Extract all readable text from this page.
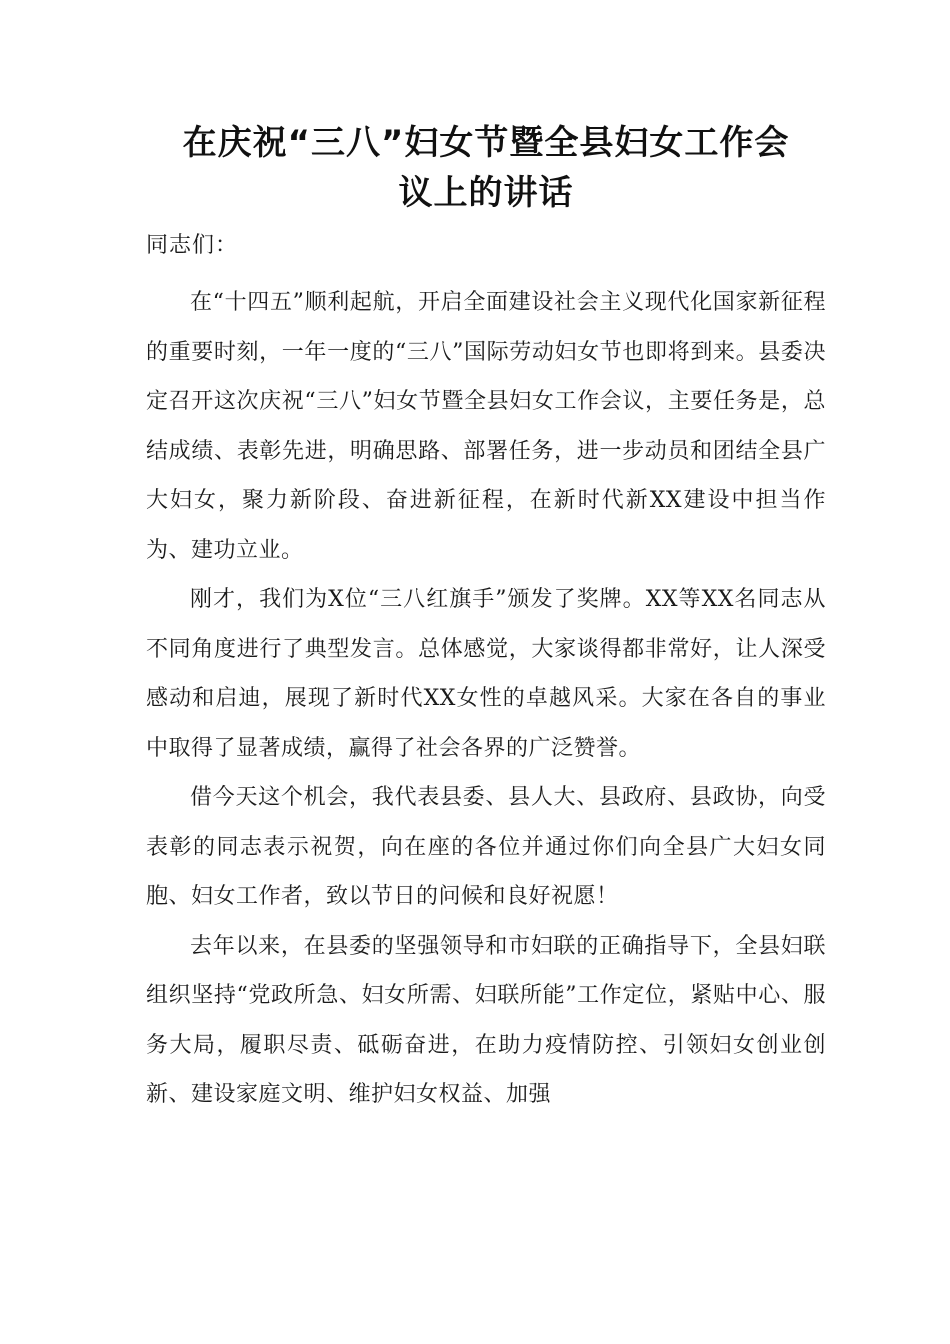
在庆祝“三八”妇女节暨全县妇女工作会
议上的讲话

同志们：

在“十四五”顺利起航，开启全面建设社会主义现代化国家新征程的重要时刻，一年一度的“三八”国际劳动妇女节也即将到来。县委决定召开这次庆祝“三八”妇女节暨全县妇女工作会议，主要任务是，总结成绩、表彰先进，明确思路、部署任务，进一步动员和团结全县广大妇女，聚力新阶段、奋进新征程，在新时代新XX建设中担当作为、建功立业。

刚才，我们为X位“三八红旗手”颁发了奖牌。XX等XX名同志从不同角度进行了典型发言。总体感觉，大家谈得都非常好，让人深受感动和启迪，展现了新时代XX女性的卓越风采。大家在各自的事业中取得了显著成绩，赢得了社会各界的广泛赞誉。

借今天这个机会，我代表县委、县人大、县政府、县政协，向受表彰的同志表示祝贺，向在座的各位并通过你们向全县广大妇女同胞、妇女工作者，致以节日的问候和良好祝愿！

去年以来，在县委的坚强领导和市妇联的正确指导下，全县妇联组织坚持“党政所急、妇女所需、妇联所能”工作定位，紧贴中心、服务大局，履职尽责、砥砺奋进，在助力疫情防控、引领妇女创业创新、建设家庭文明、维护妇女权益、加强
